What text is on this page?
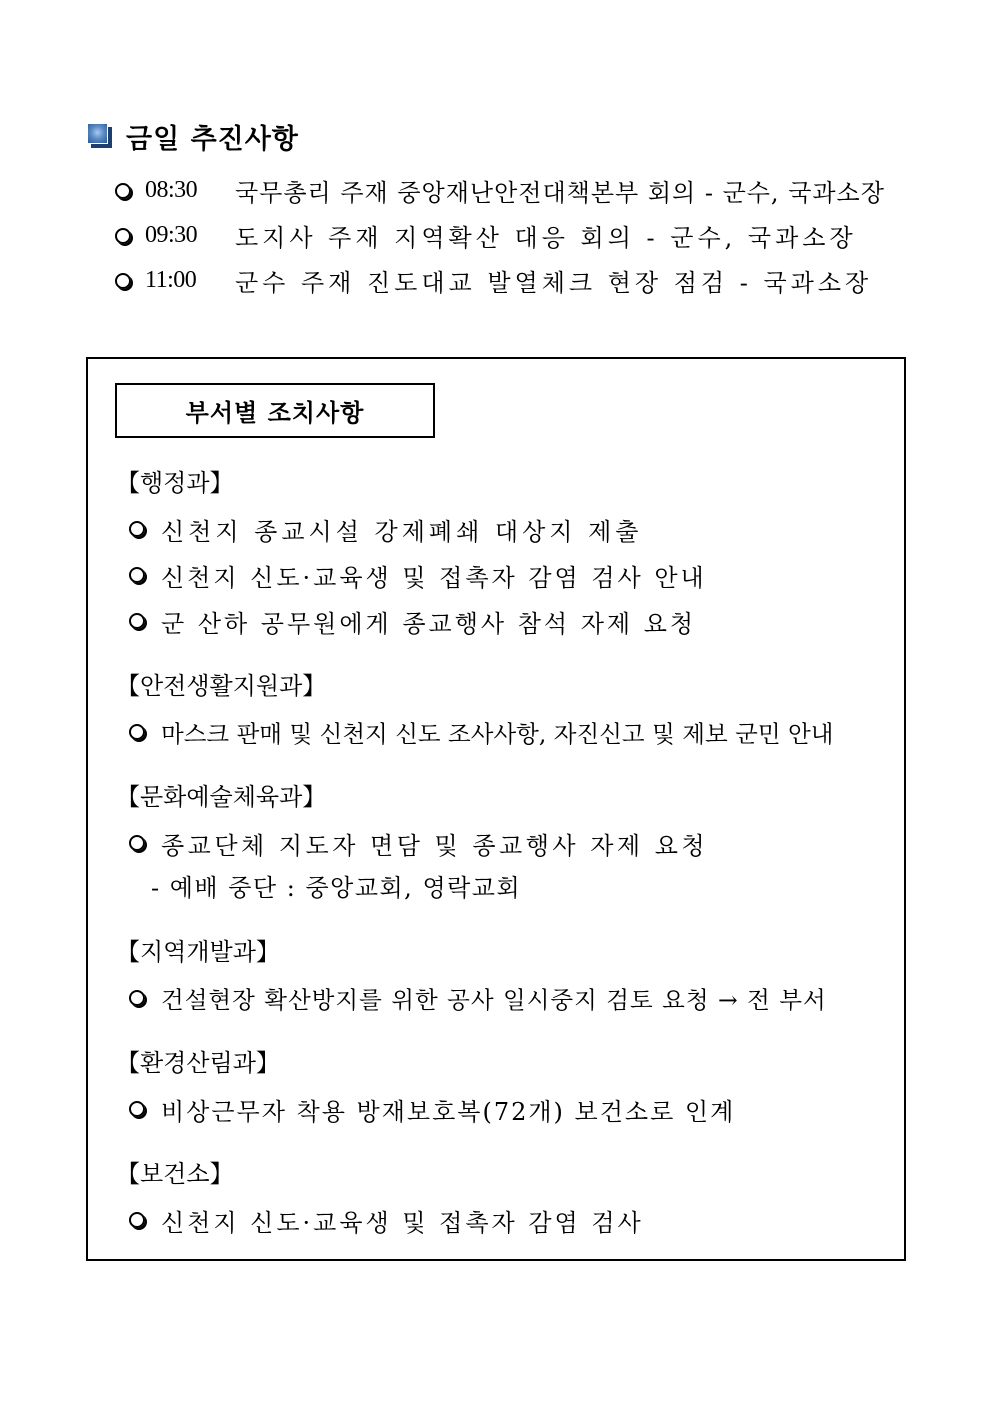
금일 추진사항
08:30	국무총리 주재 중앙재난안전대책본부 회의 - 군수, 국과소장
09:30	도지사 주재 지역확산 대응 회의 - 군수, 국과소장
11:00	군수 주재 진도대교 발열체크 현장 점검 - 국과소장
부서별 조치사항
【행정과】
신천지 종교시설 강제폐쇄 대상지 제출
신천지 신도·교육생 및 접촉자 감염 검사 안내
군 산하 공무원에게 종교행사 참석 자제 요청
【안전생활지원과】
마스크 판매 및 신천지 신도 조사사항, 자진신고 및 제보 군민 안내
【문화예술체육과】
종교단체 지도자 면담 및 종교행사 자제 요청
- 예배 중단 : 중앙교회, 영락교회
【지역개발과】
건설현장 확산방지를 위한 공사 일시중지 검토 요청 → 전 부서
【환경산림과】
비상근무자 착용 방재보호복(72개) 보건소로 인계
【보건소】
신천지 신도·교육생 및 접촉자 감염 검사
